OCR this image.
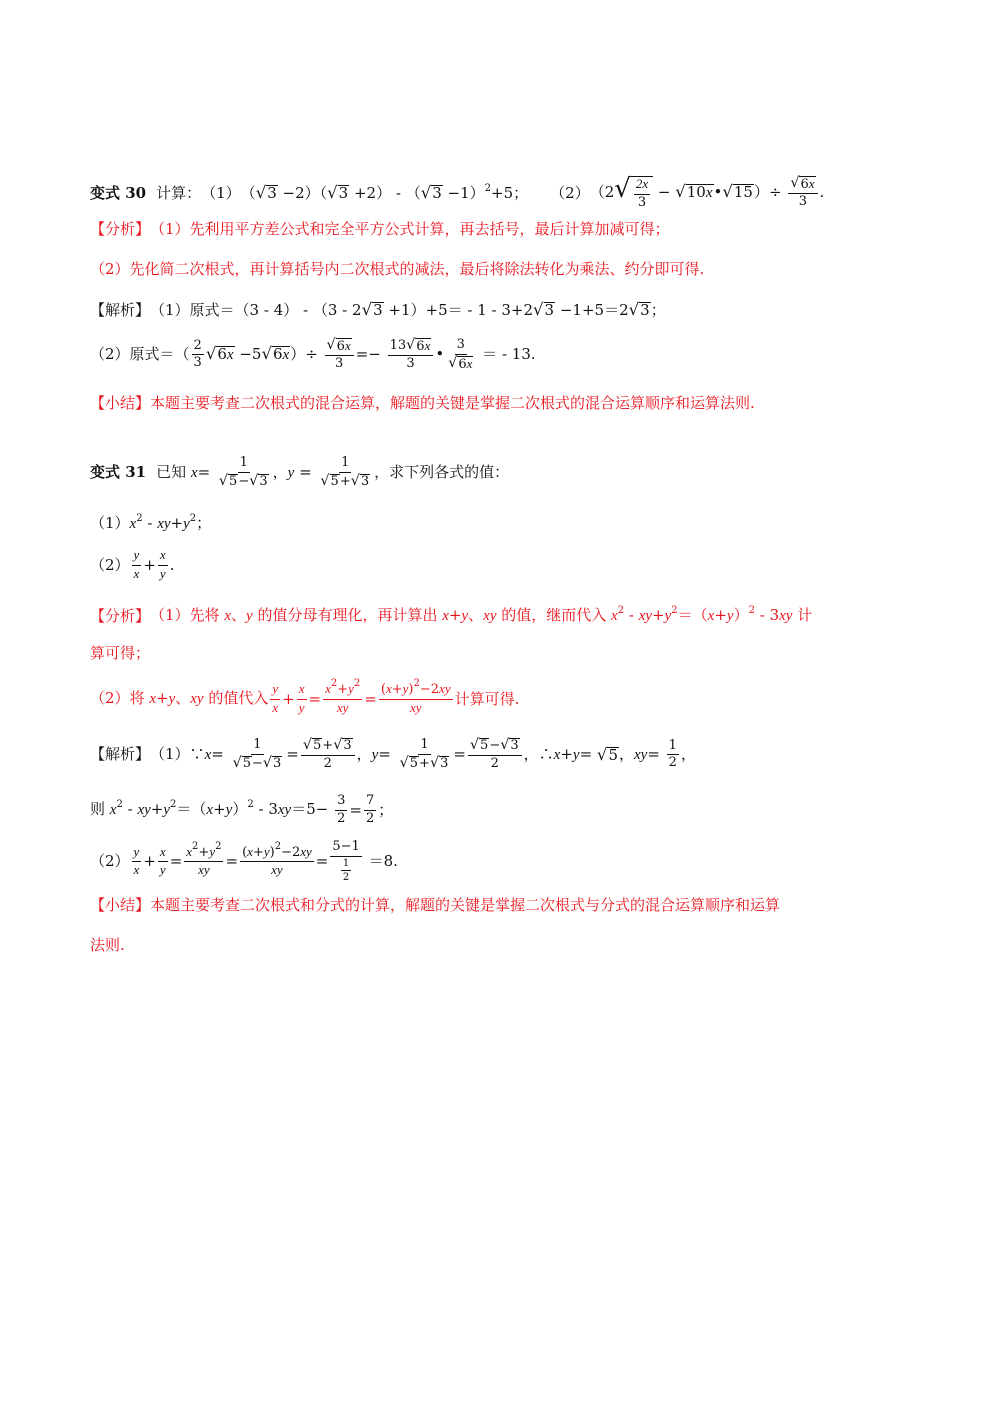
变式 30 计算： （1） （ √ 3 −2）（ √ 3 +2） - （ √ 3 −1）$^2$+5； （2） （2 √ $\frac{2x}{3}$ − √ 10x • √ 15 ）÷ $\frac{√ 6x}{3}$ .
【分析】 （1）先利用平方差公式和完全平方公式计算，再去括号，最后计算加减可得；
（2）先化简二次根式，再计算括号内二次根式的减法，最后将除法转化为乘法、约分即可得.
【解析】 （1）原式＝（3 - 4） - （3 - 2 √ 3 +1）+5＝ - 1 - 3+2 √ 3 −1+5＝2 √ 3 ；
（2）原式＝（ $\frac{2}{3}$ √ 6x −5 √ 6x ）÷ $\frac{√ 6x}{3} =- \frac{13 √ 6x}{3}$ • $\frac{3}{√ 6x}$ ＝ - 13.
【小结】 本题主要考查二次根式的混合运算，解题的关键是掌握二次根式的混合运算顺序和运算法则.
变式 31 已知 $x= \frac{1}{√ 5 - √ 3}$ ，$y = \frac{1}{√ 5 + √ 3}$ ，求下列各式的值：
$(1)x^2 - xy+y^2$；
$(2) \frac{y}{x} + \frac{x}{y}$ .
【分析】 （1）先将 x、y 的值分母有理化，再计算出 x+y、xy 的值，继而代入 $x^2 - xy+y^2=(x+y)^2 - 3xy$ 计
算可得；
（2）将 x+y、xy 的值代入 $\frac{y}{x} + \frac{x}{y} = \frac{x^2+y^2}{xy} = \frac{(x+y)^2-2xy}{xy}$ 计算可得.
【解析】 （1）∵x= $\frac{1}{√ 5 - √ 3} = \frac{√ 5 + √ 3}{2}$ ，$y= \frac{1}{√ 5 + √ 3} = \frac{√ 5 - √ 3}{2}$ ，∴x+y= √ 5 ，$xy= \frac{1}{2}$ ，
则 $x^2 - xy+y^2=(x+y)^2 - 3xy=5- \frac{3}{2} = \frac{7}{2}$ ；
$(2) \frac{y}{x} + \frac{x}{y} = \frac{x^2+y^2}{xy} = \frac{(x+y)^2-2xy}{xy} = \frac{5-1}{\frac{1}{2}} =8$.
【小结】 本题主要考查二次根式和分式的计算，解题的关键是掌握二次根式与分式的混合运算顺序和运算
法则.
